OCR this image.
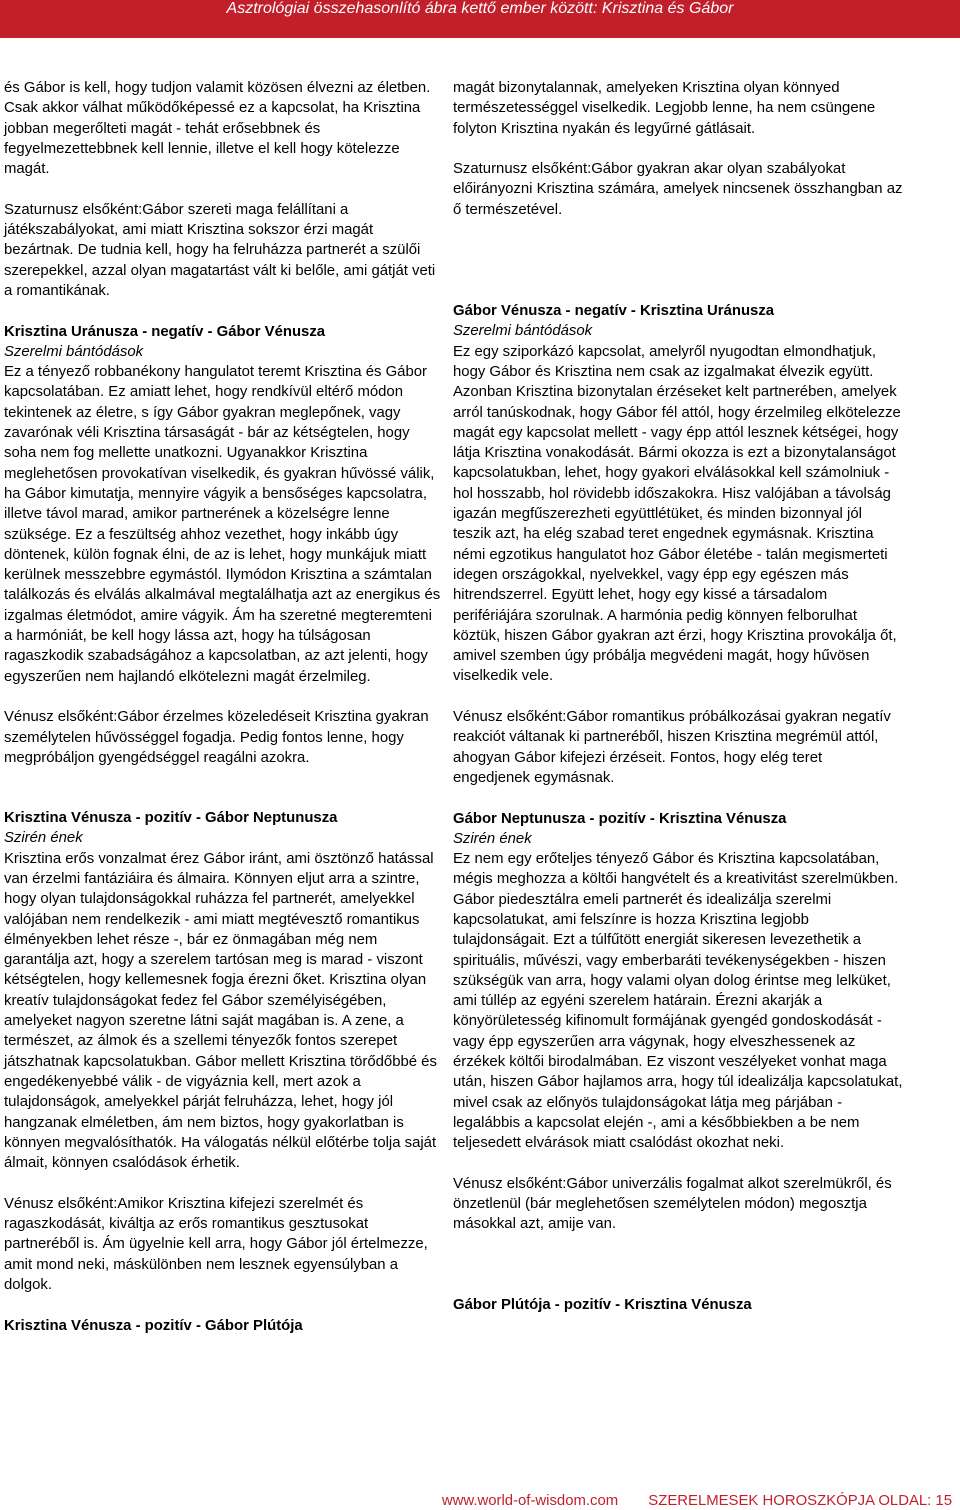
Asztrológiai összehasonlító ábra kettő ember között: Krisztina és Gábor

és Gábor is kell, hogy tudjon valamit közösen élvezni az életben. Csak akkor válhat működőképessé ez a kapcsolat, ha Krisztina jobban megerőlteti magát - tehát erősebbnek és fegyelmezettebbnek kell lennie, illetve el kell hogy kötelezze magát.

Szaturnusz elsőként:Gábor szereti maga felállítani a játékszabályokat, ami miatt Krisztina sokszor érzi magát bezártnak. De tudnia kell, hogy ha felruházza partnerét a szülői szerepekkel, azzal olyan magatartást vált ki belőle, ami gátját veti a romantikának.

Krisztina Uránusza - negatív - Gábor Vénusza
Szerelmi bántódások

Ez a tényező robbanékony hangulatot teremt Krisztina és Gábor kapcsolatában. Ez amiatt lehet, hogy rendkívül eltérő módon tekintenek az életre, s így Gábor gyakran meglepőnek, vagy zavarónak véli Krisztina társaságát - bár az kétségtelen, hogy soha nem fog mellette unatkozni. Ugyanakkor Krisztina meglehetősen provokatívan viselkedik, és gyakran hűvössé válik, ha Gábor kimutatja, mennyire vágyik a bensőséges kapcsolatra, illetve távol marad, amikor partnerének a közelségre lenne szüksége. Ez a feszültség ahhoz vezethet, hogy inkább úgy döntenek, külön fognak élni, de az is lehet, hogy munkájuk miatt kerülnek messzebbre egymástól. Ilymódon Krisztina a számtalan találkozás és elválás alkalmával megtalálhatja azt az energikus és izgalmas életmódot, amire vágyik. Ám ha szeretné megteremteni a harmóniát, be kell hogy lássa azt, hogy ha túlságosan ragaszkodik szabadságához a kapcsolatban, az azt jelenti, hogy egyszerűen nem hajlandó elkötelezni magát érzelmileg.

Vénusz elsőként:Gábor érzelmes közeledéseit Krisztina gyakran személytelen hűvösséggel fogadja. Pedig fontos lenne, hogy megpróbáljon gyengédséggel reagálni azokra.

Krisztina Vénusza - pozitív - Gábor Neptunusza
Szirén ének

Krisztina erős vonzalmat érez Gábor iránt, ami ösztönző hatással van érzelmi fantáziáira és álmaira. Könnyen eljut arra a szintre, hogy olyan tulajdonságokkal ruházza fel partnerét, amelyekkel valójában nem rendelkezik - ami miatt megtévesztő romantikus élményekben lehet része -, bár ez önmagában még nem garantálja azt, hogy a szerelem tartósan meg is marad - viszont kétségtelen, hogy kellemesnek fogja érezni őket. Krisztina olyan kreatív tulajdonságokat fedez fel Gábor személyiségében, amelyeket nagyon szeretne látni saját magában is. A zene, a természet, az álmok és a szellemi tényezők fontos szerepet játszhatnak kapcsolatukban. Gábor mellett Krisztina törődőbbé és engedékenyebbé válik - de vigyáznia kell, mert azok a tulajdonságok, amelyekkel párját felruházza, lehet, hogy jól hangzanak elméletben, ám nem biztos, hogy gyakorlatban is könnyen megvalósíthatók. Ha válogatás nélkül előtérbe tolja saját álmait, könnyen csalódások érhetik.

Vénusz elsőként:Amikor Krisztina kifejezi szerelmét és ragaszkodását, kiváltja az erős romantikus gesztusokat partneréből is. Ám ügyelnie kell arra, hogy Gábor jól értelmezze, amit mond neki, máskülönben nem lesznek egyensúlyban a dolgok.

Krisztina Vénusza - pozitív - Gábor Plútója

magát bizonytalannak, amelyeken Krisztina olyan könnyed természetességgel viselkedik. Legjobb lenne, ha nem csüngene folyton Krisztina nyakán és legyűrné gátlásait.

Szaturnusz elsőként:Gábor gyakran akar olyan szabályokat előirányozni Krisztina számára, amelyek nincsenek összhangban az ő természetével.

Gábor Vénusza - negatív - Krisztina Uránusza
Szerelmi bántódások

Ez egy sziporkázó kapcsolat, amelyről nyugodtan elmondhatjuk, hogy Gábor és Krisztina nem csak az izgalmakat élvezik együtt. Azonban Krisztina bizonytalan érzéseket kelt partnerében, amelyek arról tanúskodnak, hogy Gábor fél attól, hogy érzelmileg elkötelezze magát egy kapcsolat mellett - vagy épp attól lesznek kétségei, hogy látja Krisztina vonakodását. Bármi okozza is ezt a bizonytalanságot kapcsolatukban, lehet, hogy gyakori elválásokkal kell számolniuk - hol hosszabb, hol rövidebb időszakokra. Hisz valójában a távolság igazán megfűszerezheti együttlétüket, és minden bizonnyal jól teszik azt, ha elég szabad teret engednek egymásnak. Krisztina némi egzotikus hangulatot hoz Gábor életébe - talán megismerteti idegen országokkal, nyelvekkel, vagy épp egy egészen más hitrendszerrel. Együtt lehet, hogy egy kissé a társadalom perifériájára szorulnak. A harmónia pedig könnyen felborulhat köztük, hiszen Gábor gyakran azt érzi, hogy Krisztina provokálja őt, amivel szemben úgy próbálja megvédeni magát, hogy hűvösen viselkedik vele.

Vénusz elsőként:Gábor romantikus próbálkozásai gyakran negatív reakciót váltanak ki partneréből, hiszen Krisztina megrémül attól, ahogyan Gábor kifejezi érzéseit. Fontos, hogy elég teret engedjenek egymásnak.

Gábor Neptunusza - pozitív - Krisztina Vénusza
Szirén ének

Ez nem egy erőteljes tényező Gábor és Krisztina kapcsolatában, mégis meghozza a költői hangvételt és a kreativitást szerelmükben. Gábor piedesztálra emeli partnerét és idealizálja szerelmi kapcsolatukat, ami felszínre is hozza Krisztina legjobb tulajdonságait. Ezt a túlfűtött energiát sikeresen levezethetik a spirituális, művészi, vagy emberbaráti tevékenységekben - hiszen szükségük van arra, hogy valami olyan dolog érintse meg lelküket, ami túllép az egyéni szerelem határain. Érezni akarják a könyörületesség kifinomult formájának gyengéd gondoskodását - vagy épp egyszerűen arra vágynak, hogy elveszhessenek az érzékek költői birodalmában. Ez viszont veszélyeket vonhat maga után, hiszen Gábor hajlamos arra, hogy túl idealizálja kapcsolatukat, mivel csak az előnyös tulajdonságokat látja meg párjában - legalábbis a kapcsolat elején -, ami a későbbiekben a be nem teljesedett elvárások miatt csalódást okozhat neki.

Vénusz elsőként:Gábor univerzális fogalmat alkot szerelmükről, és önzetlenül (bár meglehetősen személytelen módon) megosztja másokkal azt, amije van.

Gábor Plútója - pozitív - Krisztina Vénusza
www.world-of-wisdom.com SZERELMESEK HOROSZKÓPJA OLDAL: 15
